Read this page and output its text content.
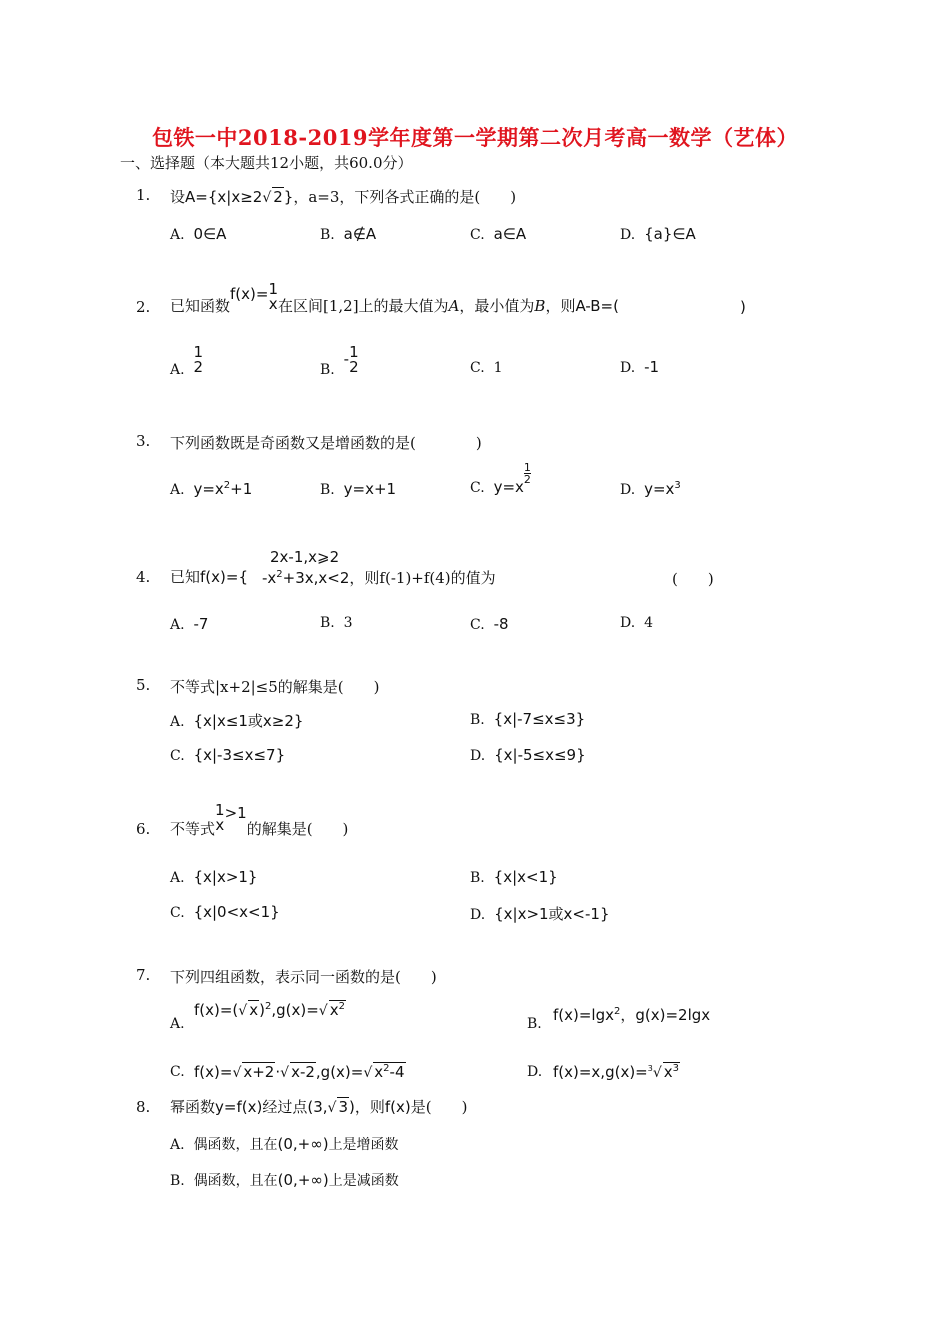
包铁一中2018-2019学年度第一学期第二次月考高一数学（艺体）
一、选择题（本大题共12小题，共60.0分）
1. 设A={x|x≥2√ 2}，a=3，下列各式正确的是(　　)
A. 0∈A	B. a∉A	C. a∈A	D. {a}∈A
2. 已知函数f(x)= 1
x 在区间[1,2]上的最大值为A，最小值为B，则A-B=(	)
A.
1
2	B.  - 1
2	C. 1	D. -1
3. 下列函数既是奇函数又是增函数的是(　　　　)
A. $y=x^2+1$	B. y=x+1	C. y=x
$\frac{1}{2}$
D. $y=x^3$
4. 已知f(x)={
2x-1,x⩾2
$-x^2+3x,x<2$，则f(-1)+f(4)的值为	(　　)
A. -7	B. 3	C. -8	D. 4
5. 不等式|x+2|≤5的解集是(　　)
A. {x|x≤1或x≥2}	B. {x|-7≤x≤3}
C. {x|-3≤x≤7}	D. {x|-5≤x≤9}
6. 不等式
1
x
>1的解集是(　　)
A. {x|x>1}	B. {x|x<1}
C. {x|0<x<1}	D. {x|x>1或x<-1}
7. 下列四组函数，表示同一函数的是(　　)
A.
f(x)=(√ x)$^2$,g(x)=√ $x^2$
B. f(x)=lgx$^2$，g(x)=2lgx
C. f(x)=√ x+2·√ x-2,g(x)=√ $x^2-4$	D. f(x)=x,g(x)=$^3$√ $x^3$
8. 幂函数y=f(x)经过点(3,√ 3)，则f(x)是(　　)
A. 偶函数，且在(0,+∞)上是增函数
B. 偶函数，且在(0,+∞)上是减函数
